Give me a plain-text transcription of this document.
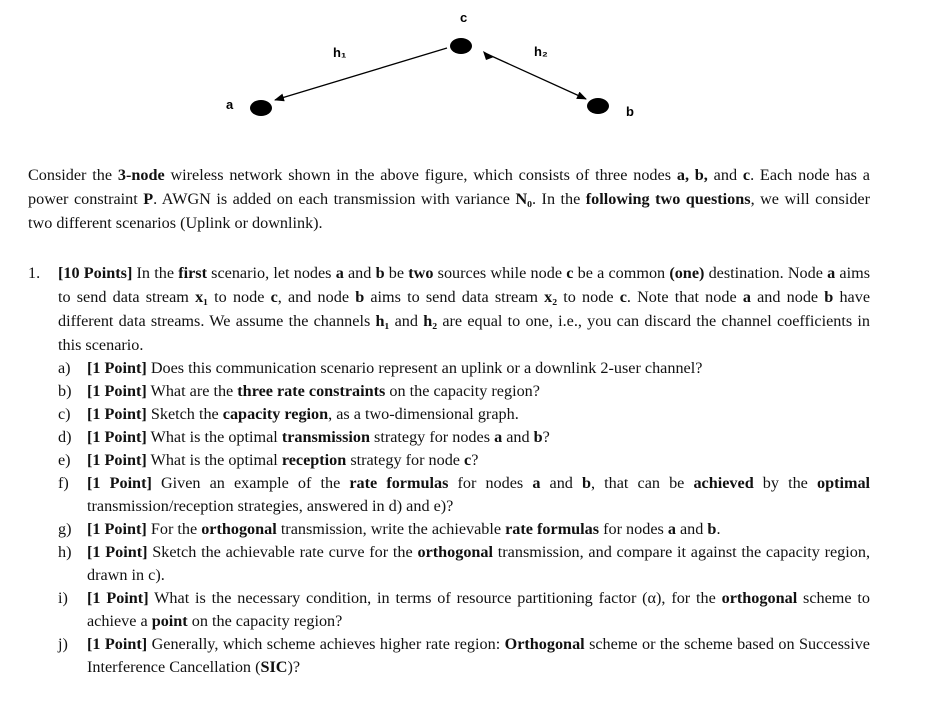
c
a	b
h₁	h₂
Consider the 3-node wireless network shown in the above figure, which consists of three nodes a, b, and c. Each node has a power constraint P. AWGN is added on each transmission with variance N₀. In the following two questions, we will consider two different scenarios (Uplink or downlink).
1. [10 Points] In the first scenario, let nodes a and b be two sources while node c be a common (one) destination. Node a aims to send data stream x₁ to node c, and node b aims to send data stream x₂ to node c. Note that node a and node b have different data streams. We assume the channels h₁ and h₂ are equal to one, i.e., you can discard the channel coefficients in this scenario.
a) [1 Point] Does this communication scenario represent an uplink or a downlink 2-user channel?
b) [1 Point] What are the three rate constraints on the capacity region?
c) [1 Point] Sketch the capacity region, as a two-dimensional graph.
d) [1 Point] What is the optimal transmission strategy for nodes a and b?
e) [1 Point] What is the optimal reception strategy for node c?
f) [1 Point] Given an example of the rate formulas for nodes a and b, that can be achieved by the optimal transmission/reception strategies, answered in d) and e)?
g) [1 Point] For the orthogonal transmission, write the achievable rate formulas for nodes a and b.
h) [1 Point] Sketch the achievable rate curve for the orthogonal transmission, and compare it against the capacity region, drawn in c).
i) [1 Point] What is the necessary condition, in terms of resource partitioning factor (α), for the orthogonal scheme to achieve a point on the capacity region?
j) [1 Point] Generally, which scheme achieves higher rate region: Orthogonal scheme or the scheme based on Successive Interference Cancellation (SIC)?
